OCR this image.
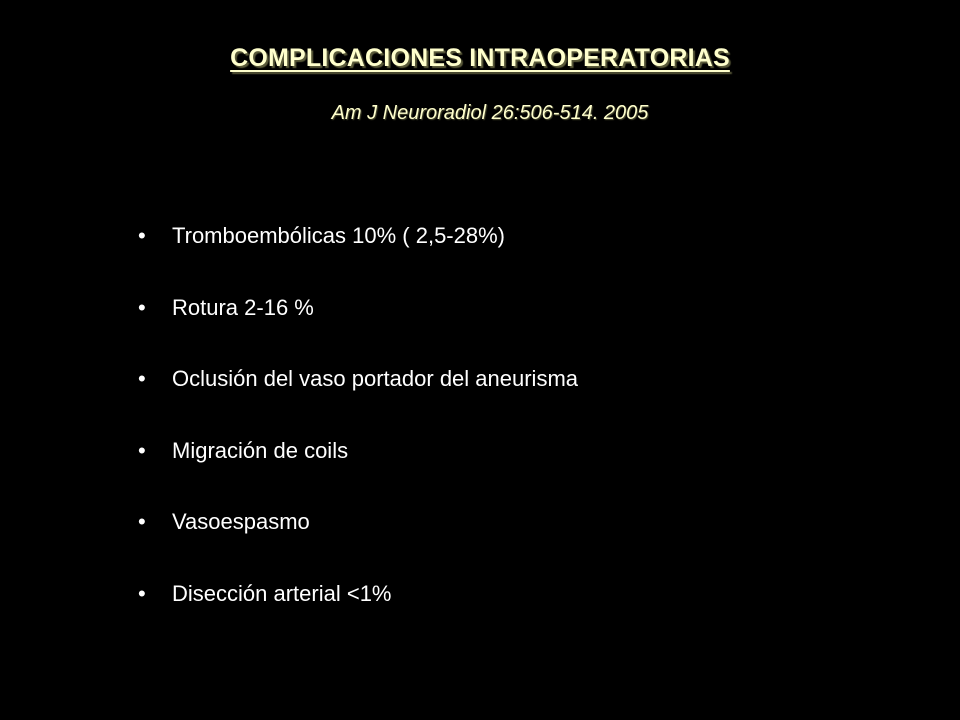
COMPLICACIONES INTRAOPERATORIAS
Am J Neuroradiol 26:506-514. 2005
•	Tromboembólicas 10% ( 2,5-28%)
•	Rotura 2-16 %
•	Oclusión del vaso portador del aneurisma
•	Migración de coils
•	Vasoespasmo
•	Disección arterial <1%
